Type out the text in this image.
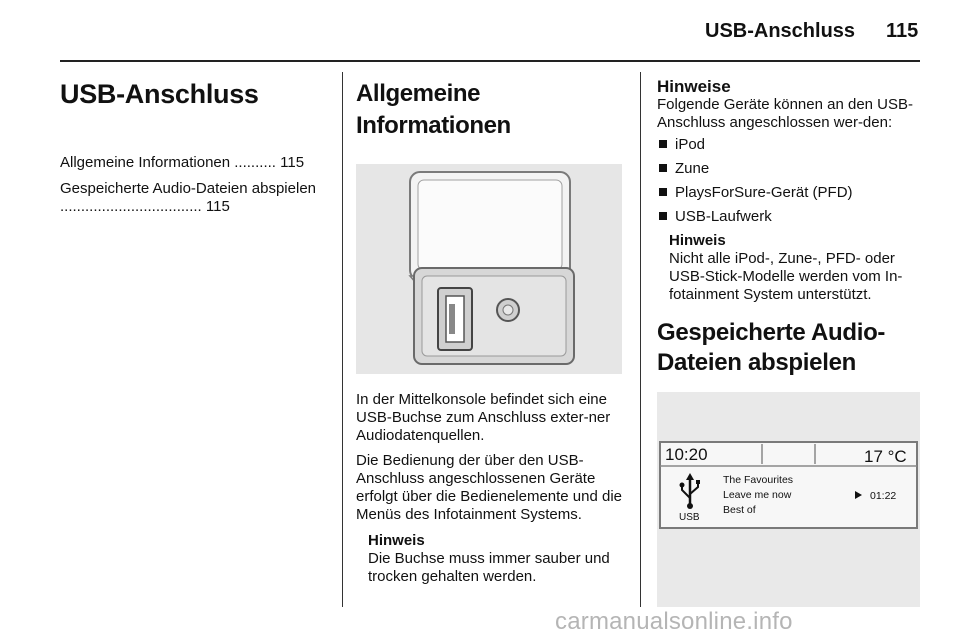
USB-Anschluss 115
USB-Anschluss
Allgemeine Informationen .......... 115
Gespeicherte Audio-Dateien abspielen .................................. 115
Allgemeine Informationen
In der Mittelkonsole befindet sich eine USB-Buchse zum Anschluss exter-ner Audiodatenquellen.
Die Bedienung der über den USB-Anschluss angeschlossenen Geräte erfolgt über die Bedienelemente und die Menüs des Infotainment Systems.
Hinweis
Die Buchse muss immer sauber und trocken gehalten werden.
Hinweise
Folgende Geräte können an den USB-Anschluss angeschlossen wer-den:
iPod
Zune
PlaysForSure-Gerät (PFD)
USB-Laufwerk
Hinweis
Nicht alle iPod-, Zune-, PFD- oder USB-Stick-Modelle werden vom In-fotainment System unterstützt.
Gespeicherte Audio-Dateien abspielen
10:20	17 °C
USB
The Favourites
Leave me now
Best of
01:22
carmanualsonline.info
